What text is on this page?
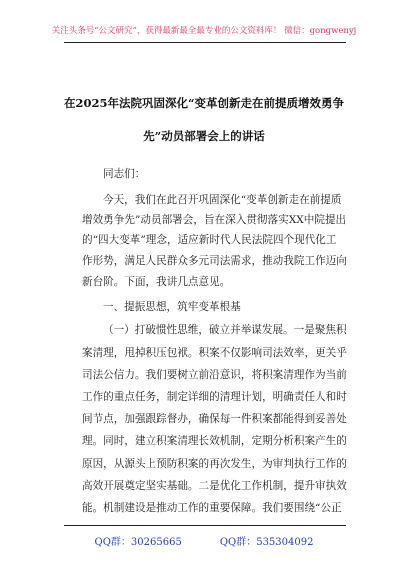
关注头条号“公文研究”，获得最新最全最专业的公文资料库！ 微信：gongwenyj
在2025年法院巩固深化“变革创新走在前提质增效勇争
先”动员部署会上的讲话
同志们：
今天，我们在此召开巩固深化“变革创新走在前提质
增效勇争先”动员部署会，旨在深入贯彻落实XX中院提出
的“四大变革”理念，适应新时代人民法院四个现代化工
作形势，满足人民群众多元司法需求，推动我院工作迈向
新台阶。下面，我讲几点意见。
一、提振思想，筑牢变革根基
（一）打破惯性思维，破立并举谋发展。一是聚焦积
案清理，甩掉积压包袱。积案不仅影响司法效率，更关乎
司法公信力。我们要树立前沿意识，将积案清理作为当前
工作的重点任务，制定详细的清理计划，明确责任人和时
间节点，加强跟踪督办，确保每一件积案都能得到妥善处
理。同时，建立积案清理长效机制，定期分析积案产生的
原因，从源头上预防积案的再次发生，为审判执行工作的
高效开展奠定坚实基础。二是优化工作机制，提升审执效
能。机制建设是推动工作的重要保障。我们要围绕“公正
QQ群：30265665	QQ群：535304092
